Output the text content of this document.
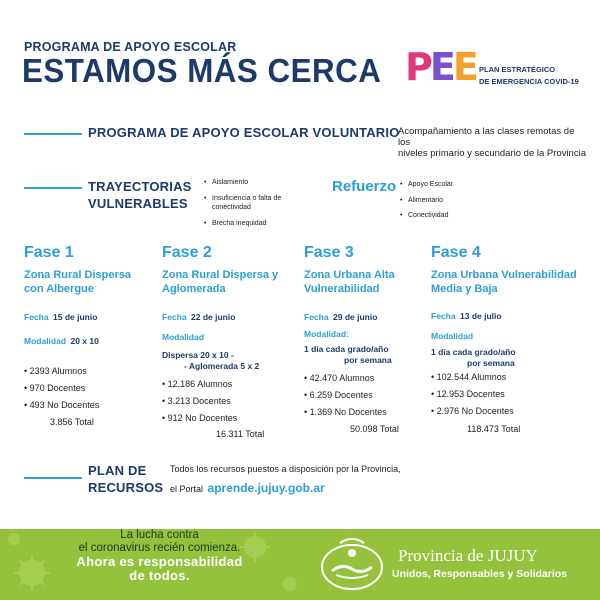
PROGRAMA DE APOYO ESCOLAR
ESTAMOS MÁS CERCA PEE PLAN ESTRATÉGICO
DE EMERGENCIA COVID-19
PROGRAMA DE APOYO ESCOLAR VOLUNTARIO
Acompañamiento a las clases remotas de los
niveles primario y secundario de la Provincia
TRAYECTORIAS
VULNERABLES
• Aislamiento
• Insuficiencia o falta de
conectividad
• Brecha inequidad
Refuerzo	• Apoyo Escolar
• Alimentario
• Conectividad
Fase 1
Zona Rural Dispersa
con Albergue
Fecha 15 de junio
Modalidad 20 x 10
• 2393 Alumnos
• 970 Docentes
• 493 No Docentes
3.856 Total
Fase 2
Zona Rural Dispersa y
Aglomerada
Fecha 22 de junio
Modalidad
Dispersa 20 x 10 -
- Aglomerada 5 x 2
• 12.186 Alumnos
• 3.213 Docentes
• 912 No Docentes
16.311 Total
Fase 3
Zona Urbana Alta
Vulnerabilidad
Fecha 29 de junio
Modalidad:
1 día cada grado/año
por semana
• 42.470 Alumnos
• 6.259 Docentes
• 1.369 No Docentes
50.098 Total
Fase 4
Zona Urbana Vulnerabilidad
Media y Baja
Fecha 13 de julio
Modalidad
1 día cada grado/año
por semana
• 102.544 Alumnos
• 12.953 Docentes
• 2.976 No Docentes
118.473 Total
PLAN DE
RECURSOS
Todos los recursos puestos a disposición por la Provincia,
el Portal aprende.jujuy.gob.ar
La lucha contra
el coronavirus recién comienza.
Ahora es responsabilidad
de todos.
Provincia de JUJUY
Unidos, Responsables y Solidarios
